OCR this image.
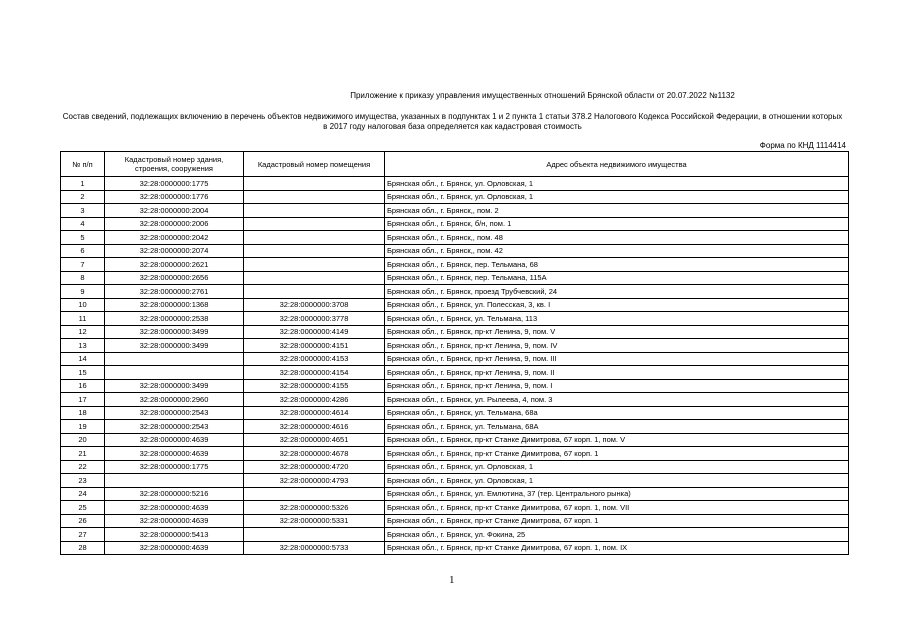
Приложение к приказу управления имущественных отношений Брянской области от 20.07.2022 №1132
Состав сведений, подлежащих включению в перечень объектов недвижимого имущества, указанных в подпунктах 1 и 2 пункта 1 статьи 378.2 Налогового Кодекса Российской Федерации, в отношении которых в 2017 году налоговая база определяется как кадастровая стоимость
Форма по КНД 1114414
№ п/п	Кадастровый номер здания, строения, сооружения	Кадастровый номер помещения	Адрес объекта недвижимого имущества
1	32:28:0000000:1775		Брянская обл., г. Брянск, ул. Орловская, 1
2	32:28:0000000:1776		Брянская обл., г. Брянск, ул. Орловская, 1
3	32:28:0000000:2004		Брянская обл., г. Брянск,, пом. 2
4	32:28:0000000:2006		Брянская обл., г. Брянск, б/н, пом. 1
5	32:28:0000000:2042		Брянская обл., г. Брянск,, пом. 48
6	32:28:0000000:2074		Брянская обл., г. Брянск,, пом. 42
7	32:28:0000000:2621		Брянская обл., г. Брянск, пер. Тельмана, 68
8	32:28:0000000:2656		Брянская обл., г. Брянск, пер. Тельмана, 115А
9	32:28:0000000:2761		Брянская обл., г. Брянск, проезд Трубчевский, 24
10	32:28:0000000:1368	32:28:0000000:3708	Брянская обл., г. Брянск, ул. Полесская, 3, кв. I
11	32:28:0000000:2538	32:28:0000000:3778	Брянская обл., г. Брянск, ул. Тельмана, 113
12	32:28:0000000:3499	32:28:0000000:4149	Брянская обл., г. Брянск, пр-кт Ленина, 9, пом. V
13	32:28:0000000:3499	32:28:0000000:4151	Брянская обл., г. Брянск, пр-кт Ленина, 9, пом. IV
14		32:28:0000000:4153	Брянская обл., г. Брянск, пр-кт Ленина, 9, пом. III
15		32:28:0000000:4154	Брянская обл., г. Брянск, пр-кт Ленина, 9, пом. II
16	32:28:0000000:3499	32:28:0000000:4155	Брянская обл., г. Брянск, пр-кт Ленина, 9, пом. I
17	32:28:0000000:2960	32:28:0000000:4286	Брянская обл., г. Брянск, ул. Рылеева, 4, пом. 3
18	32:28:0000000:2543	32:28:0000000:4614	Брянская обл., г. Брянск, ул. Тельмана, 68а
19	32:28:0000000:2543	32:28:0000000:4616	Брянская обл., г. Брянск, ул. Тельмана, 68А
20	32:28:0000000:4639	32:28:0000000:4651	Брянская обл., г. Брянск, пр-кт Станке Димитрова, 67 корп. 1, пом. V
21	32:28:0000000:4639	32:28:0000000:4678	Брянская обл., г. Брянск, пр-кт Станке Димитрова, 67 корп. 1
22	32:28:0000000:1775	32:28:0000000:4720	Брянская обл., г. Брянск, ул. Орловская, 1
23		32:28:0000000:4793	Брянская обл., г. Брянск, ул. Орловская, 1
24	32:28:0000000:5216		Брянская обл., г. Брянск, ул. Емлютина, 37 (тер. Центрального рынка)
25	32:28:0000000:4639	32:28:0000000:5326	Брянская обл., г. Брянск, пр-кт Станке Димитрова, 67 корп. 1, пом. VII
26	32:28:0000000:4639	32:28:0000000:5331	Брянская обл., г. Брянск, пр-кт Станке Димитрова, 67 корп. 1
27	32:28:0000000:5413		Брянская обл., г. Брянск, ул. Фокина, 25
28	32:28:0000000:4639	32:28:0000000:5733	Брянская обл., г. Брянск, пр-кт Станке Димитрова, 67 корп. 1, пом. IX
1
